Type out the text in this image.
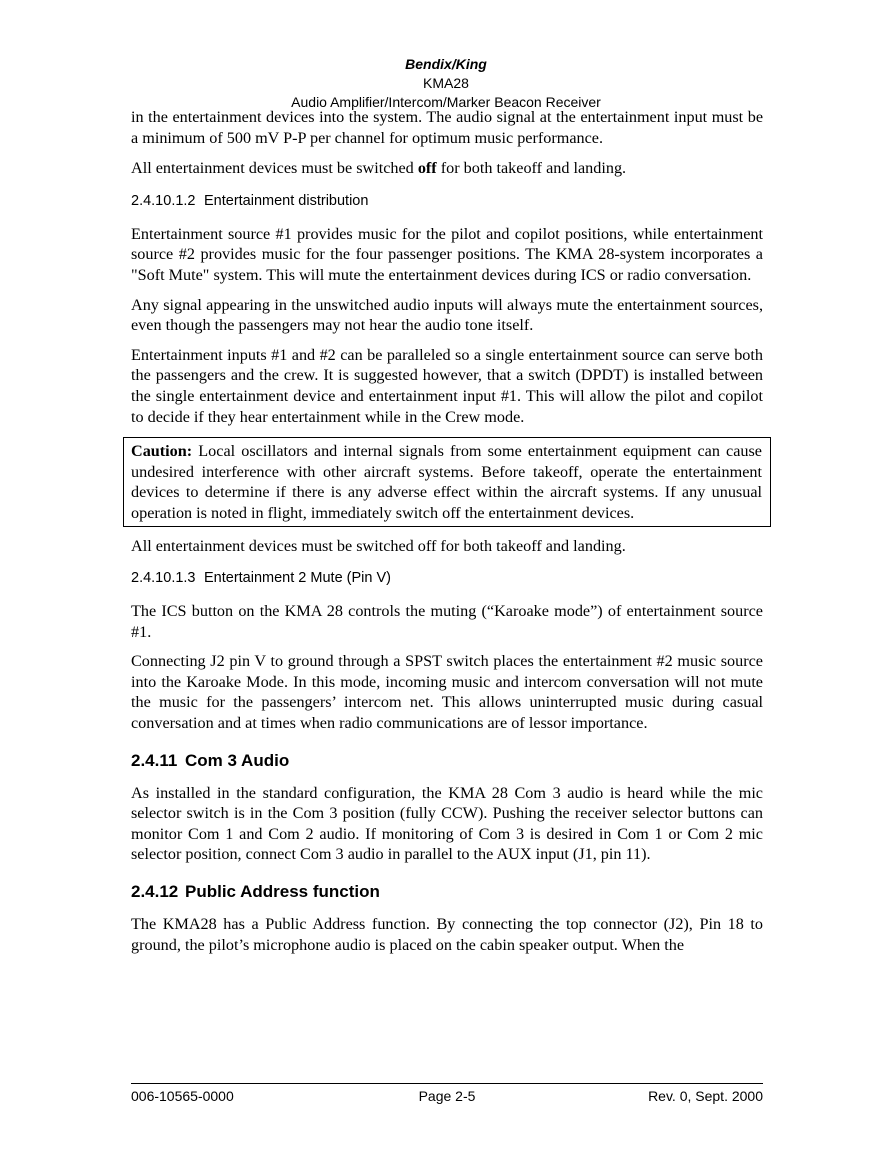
Bendix/King
KMA28
Audio Amplifier/Intercom/Marker Beacon Receiver

in the entertainment devices into the system. The audio signal at the entertainment input must be a minimum of 500 mV P-P per channel for optimum music performance.

All entertainment devices must be switched off for both takeoff and landing.

2.4.10.1.2 Entertainment distribution

Entertainment source #1 provides music for the pilot and copilot positions, while entertainment source #2 provides music for the four passenger positions. The KMA 28-system incorporates a "Soft Mute" system. This will mute the entertainment devices during ICS or radio conversation.

Any signal appearing in the unswitched audio inputs will always mute the entertainment sources, even though the passengers may not hear the audio tone itself.

Entertainment inputs #1 and #2 can be paralleled so a single entertainment source can serve both the passengers and the crew. It is suggested however, that a switch (DPDT) is installed between the single entertainment device and entertainment input #1. This will allow the pilot and copilot to decide if they hear entertainment while in the Crew mode.

Caution: Local oscillators and internal signals from some entertainment equipment can cause undesired interference with other aircraft systems. Before takeoff, operate the entertainment devices to determine if there is any adverse effect within the aircraft systems. If any unusual operation is noted in flight, immediately switch off the entertainment devices.

All entertainment devices must be switched off for both takeoff and landing.

2.4.10.1.3 Entertainment 2 Mute (Pin V)

The ICS button on the KMA 28 controls the muting (“Karoake mode”) of entertainment source #1.

Connecting J2 pin V to ground through a SPST switch places the entertainment #2 music source into the Karoake Mode. In this mode, incoming music and intercom conversation will not mute the music for the passengers’ intercom net. This allows uninterrupted music during casual conversation and at times when radio communications are of lessor importance.

2.4.11 Com 3 Audio

As installed in the standard configuration, the KMA 28 Com 3 audio is heard while the mic selector switch is in the Com 3 position (fully CCW). Pushing the receiver selector buttons can monitor Com 1 and Com 2 audio. If monitoring of Com 3 is desired in Com 1 or Com 2 mic selector position, connect Com 3 audio in parallel to the AUX input (J1, pin 11).

2.4.12 Public Address function

The KMA28 has a Public Address function. By connecting the top connector (J2), Pin 18 to ground, the pilot’s microphone audio is placed on the cabin speaker output. When the

006-10565-0000	Rev. 0, Sept. 2000
Page 2-5
